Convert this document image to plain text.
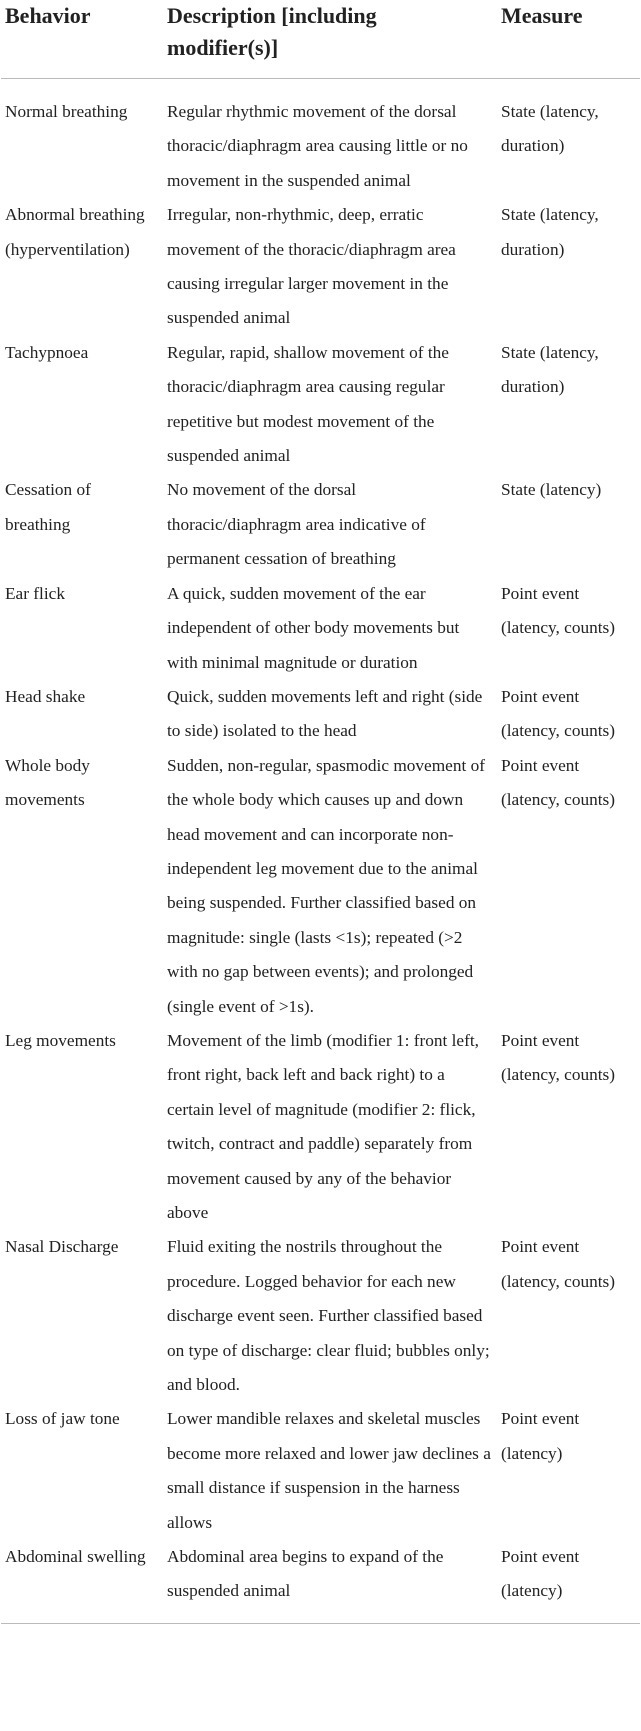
Behavior	Description [including modifier(s)]	Measure
Normal breathing	Regular rhythmic movement of the dorsal thoracic/diaphragm area causing little or no movement in the suspended animal	State (latency, duration)
Abnormal breathing (hyperventilation)	Irregular, non-rhythmic, deep, erratic movement of the thoracic/diaphragm area causing irregular larger movement in the suspended animal	State (latency, duration)
Tachypnoea	Regular, rapid, shallow movement of the thoracic/diaphragm area causing regular repetitive but modest movement of the suspended animal	State (latency, duration)
Cessation of breathing	No movement of the dorsal thoracic/diaphragm area indicative of permanent cessation of breathing	State (latency)
Ear flick	A quick, sudden movement of the ear independent of other body movements but with minimal magnitude or duration	Point event (latency, counts)
Head shake	Quick, sudden movements left and right (side to side) isolated to the head	Point event (latency, counts)
Whole body movements	Sudden, non-regular, spasmodic movement of the whole body which causes up and down head movement and can incorporate non-independent leg movement due to the animal being suspended. Further classified based on magnitude: single (lasts <1s); repeated (>2 with no gap between events); and prolonged (single event of >1s).	Point event (latency, counts)
Leg movements	Movement of the limb (modifier 1: front left, front right, back left and back right) to a certain level of magnitude (modifier 2: flick, twitch, contract and paddle) separately from movement caused by any of the behavior above	Point event (latency, counts)
Nasal Discharge	Fluid exiting the nostrils throughout the procedure. Logged behavior for each new discharge event seen. Further classified based on type of discharge: clear fluid; bubbles only; and blood.	Point event (latency, counts)
Loss of jaw tone	Lower mandible relaxes and skeletal muscles become more relaxed and lower jaw declines a small distance if suspension in the harness allows	Point event (latency)
Abdominal swelling	Abdominal area begins to expand of the suspended animal	Point event (latency)
